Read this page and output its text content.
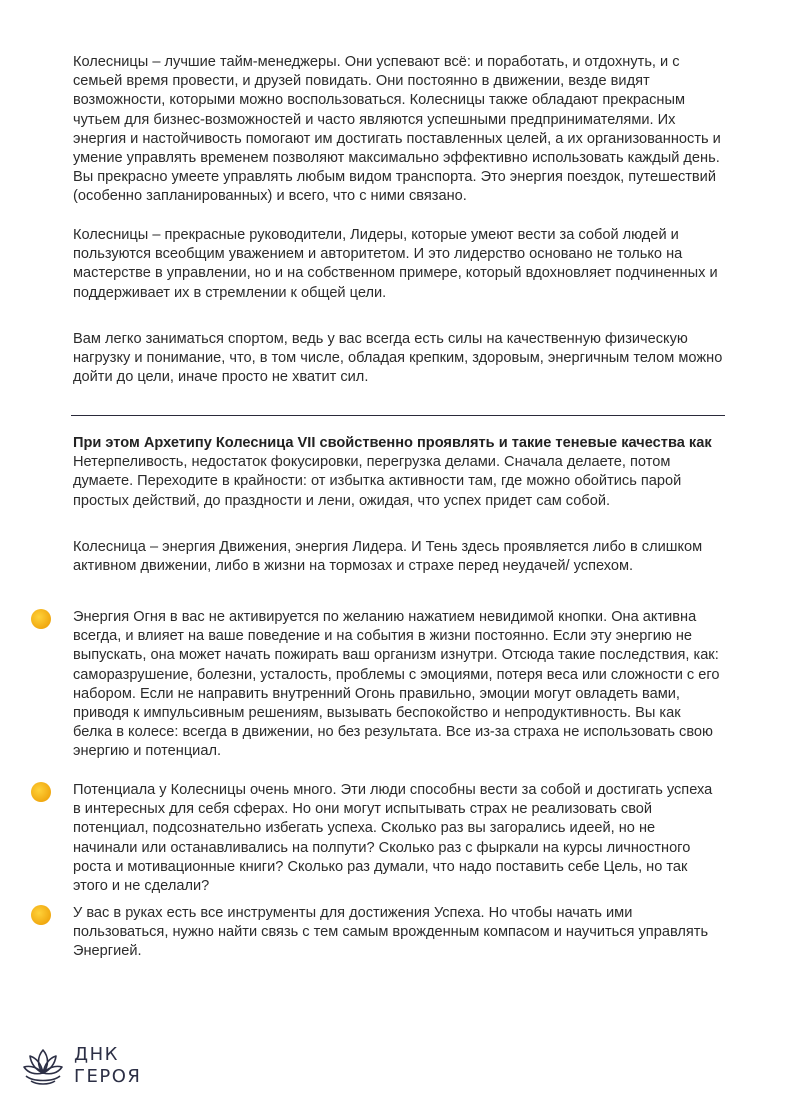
Колесницы – лучшие тайм-менеджеры. Они успевают всё: и поработать, и отдохнуть, и с семьей время провести, и друзей повидать. Они постоянно в движении, везде видят возможности, которыми можно воспользоваться. Колесницы также обладают прекрасным чутьем для бизнес-возможностей и часто являются успешными предпринимателями. Их энергия и настойчивость помогают им достигать поставленных целей, а их организованность и умение управлять временем позволяют максимально эффективно использовать каждый день. Вы прекрасно умеете управлять любым видом транспорта. Это энергия поездок, путешествий (особенно запланированных) и всего, что с ними связано.

Колесницы – прекрасные руководители, Лидеры, которые умеют вести за собой людей и пользуются всеобщим уважением и авторитетом. И это лидерство основано не только на мастерстве в управлении, но и на собственном примере, который вдохновляет подчиненных и поддерживает их в стремлении к общей цели.

Вам легко заниматься спортом, ведь у вас всегда есть силы на качественную физическую нагрузку и понимание, что, в том числе, обладая крепким, здоровым, энергичным телом можно дойти до цели, иначе просто не хватит сил.

При этом Архетипу Колесница VII свойственно проявлять и такие теневые качества как Нетерпеливость, недостаток фокусировки, перегрузка делами. Сначала делаете, потом думаете. Переходите в крайности: от избытка активности там, где можно обойтись парой простых действий, до праздности и лени, ожидая, что успех придет сам собой.

Колесница – энергия Движения, энергия Лидера. И Тень здесь проявляется либо в слишком активном движении, либо в жизни на тормозах и страхе перед неудачей/ успехом.

Энергия Огня в вас не активируется по желанию нажатием невидимой кнопки. Она активна всегда, и влияет на ваше поведение и на события в жизни постоянно. Если эту энергию не выпускать, она может начать пожирать ваш организм изнутри. Отсюда такие последствия, как: саморазрушение, болезни, усталость, проблемы с эмоциями, потеря веса или сложности с его набором. Если не направить внутренний Огонь правильно, эмоции могут овладеть вами, приводя к импульсивным решениям, вызывать беспокойство и непродуктивность. Вы как белка в колесе: всегда в движении, но без результата. Все из-за страха не использовать свою энергию и потенциал.

Потенциала у Колесницы очень много. Эти люди способны вести за собой и достигать успеха в интересных для себя сферах. Но они могут испытывать страх не реализовать свой потенциал, подсознательно избегать успеха. Сколько раз вы загорались идеей, но не начинали или останавливались на полпути? Сколько раз с фыркали на курсы личностного роста и мотивационные книги? Сколько раз думали, что надо поставить себе Цель, но так этого и не сделали?

У вас в руках есть все инструменты для достижения Успеха. Но чтобы начать ими пользоваться, нужно найти связь с тем самым врожденным компасом и научиться управлять Энергией.

ДНК
ГЕРОЯ
